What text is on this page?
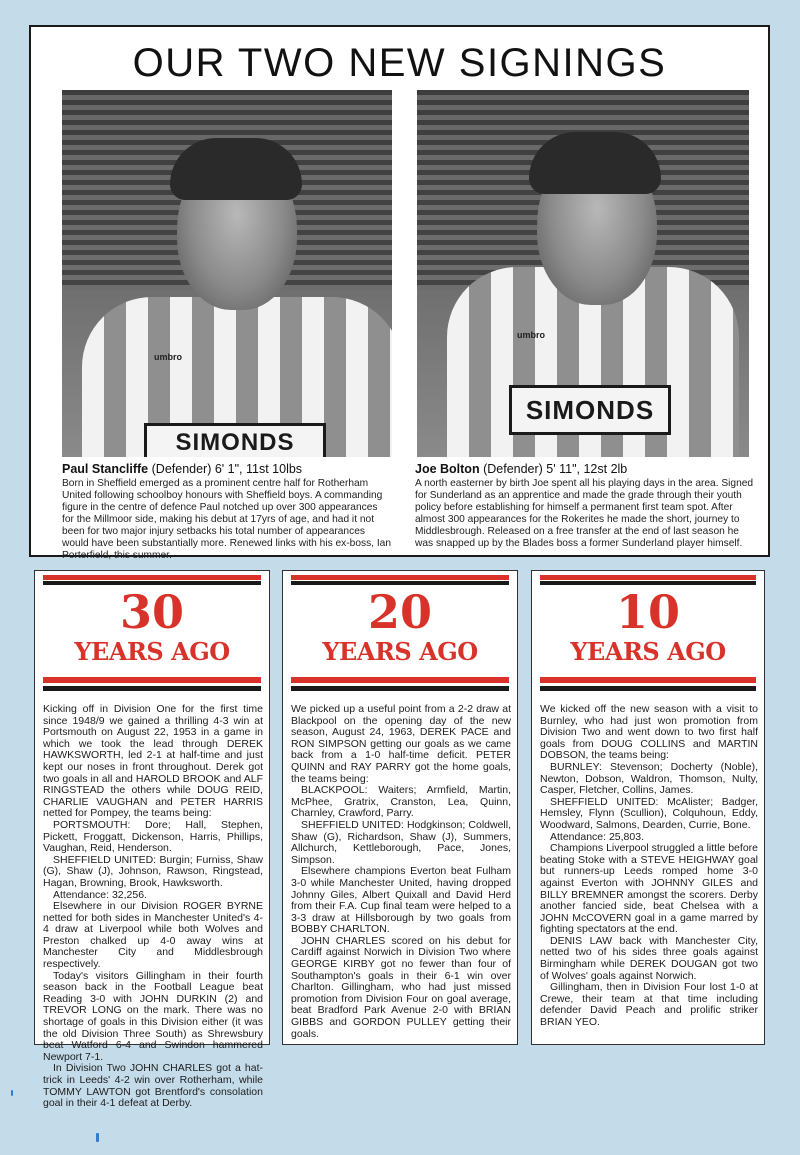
OUR TWO NEW SIGNINGS
SIMONDS
umbro
SIMONDS
umbro
Paul Stancliffe (Defender) 6' 1", 11st 10lbs
Born in Sheffield emerged as a prominent centre half for Rotherham United following schoolboy honours with Sheffield boys. A commanding figure in the centre of defence Paul notched up over 300 appearances for the Millmoor side, making his debut at 17yrs of age, and had it not been for two major injury setbacks his total number of appearances would have been substantially more. Renewed links with his ex-boss, Ian Porterfield, this summer.
Joe Bolton (Defender) 5' 11", 12st 2lb
A north easterner by birth Joe spent all his playing days in the area. Signed for Sunderland as an apprentice and made the grade through their youth policy before establishing for himself a permanent first team spot. After almost 300 appearances for the Rokerites he made the short, journey to Middlesbrough. Released on a free transfer at the end of last season he was snapped up by the Blades boss a former Sunderland player himself.
30
YEARS AGO

Kicking off in Division One for the first time since 1948/9 we gained a thrilling 4-3 win at Portsmouth on August 22, 1953 in a game in which we took the lead through DEREK HAWKSWORTH, led 2-1 at half-time and just kept our noses in front throughout. Derek got two goals in all and HAROLD BROOK and ALF RINGSTEAD the others while DOUG REID, CHARLIE VAUGHAN and PETER HARRIS netted for Pompey, the teams being:

PORTSMOUTH: Dore; Hall, Stephen, Pickett, Froggatt, Dickenson, Harris, Phillips, Vaughan, Reid, Henderson.

SHEFFIELD UNITED: Burgin; Furniss, Shaw (G), Shaw (J), Johnson, Rawson, Ringstead, Hagan, Browning, Brook, Hawksworth.

Attendance: 32,256.

Elsewhere in our Division ROGER BYRNE netted for both sides in Manchester United's 4-4 draw at Liverpool while both Wolves and Preston chalked up 4-0 away wins at Manchester City and Middlesbrough respectively.

Today's visitors Gillingham in their fourth season back in the Football League beat Reading 3-0 with JOHN DURKIN (2) and TREVOR LONG on the mark. There was no shortage of goals in this Division either (it was the old Division Three South) as Shrewsbury beat Watford 6-4 and Swindon hammered Newport 7-1.

In Division Two JOHN CHARLES got a hat-trick in Leeds' 4-2 win over Rotherham, while TOMMY LAWTON got Brentford's consolation goal in their 4-1 defeat at Derby.

20
YEARS AGO

We picked up a useful point from a 2-2 draw at Blackpool on the opening day of the new season, August 24, 1963, DEREK PACE and RON SIMPSON getting our goals as we came back from a 1-0 half-time deficit. PETER QUINN and RAY PARRY got the home goals, the teams being:

BLACKPOOL: Waiters; Armfield, Martin, McPhee, Gratrix, Cranston, Lea, Quinn, Charnley, Crawford, Parry.

SHEFFIELD UNITED: Hodgkinson; Coldwell, Shaw (G), Richardson, Shaw (J), Summers, Allchurch, Kettleborough, Pace, Jones, Simpson.

Elsewhere champions Everton beat Fulham 3-0 while Manchester United, having dropped Johnny Giles, Albert Quixall and David Herd from their F.A. Cup final team were helped to a 3-3 draw at Hillsborough by two goals from BOBBY CHARLTON.

JOHN CHARLES scored on his debut for Cardiff against Norwich in Division Two where GEORGE KIRBY got no fewer than four of Southampton's goals in their 6-1 win over Charlton. Gillingham, who had just missed promotion from Division Four on goal average, beat Bradford Park Avenue 2-0 with BRIAN GIBBS and GORDON PULLEY getting their goals.

10
YEARS AGO

We kicked off the new season with a visit to Burnley, who had just won promotion from Division Two and went down to two first half goals from DOUG COLLINS and MARTIN DOBSON, the teams being:

BURNLEY: Stevenson; Docherty (Noble), Newton, Dobson, Waldron, Thomson, Nulty, Casper, Fletcher, Collins, James.

SHEFFIELD UNITED: McAlister; Badger, Hemsley, Flynn (Scullion), Colquhoun, Eddy, Woodward, Salmons, Dearden, Currie, Bone.

Attendance: 25,803.

Champions Liverpool struggled a little before beating Stoke with a STEVE HEIGHWAY goal but runners-up Leeds romped home 3-0 against Everton with JOHNNY GILES and BILLY BREMNER amongst the scorers. Derby another fancied side, beat Chelsea with a JOHN McCOVERN goal in a game marred by fighting spectators at the end.

DENIS LAW back with Manchester City, netted two of his sides three goals against Birmingham while DEREK DOUGAN got two of Wolves' goals against Norwich.

Gillingham, then in Division Four lost 1-0 at Crewe, their team at that time including defender David Peach and prolific striker BRIAN YEO.
